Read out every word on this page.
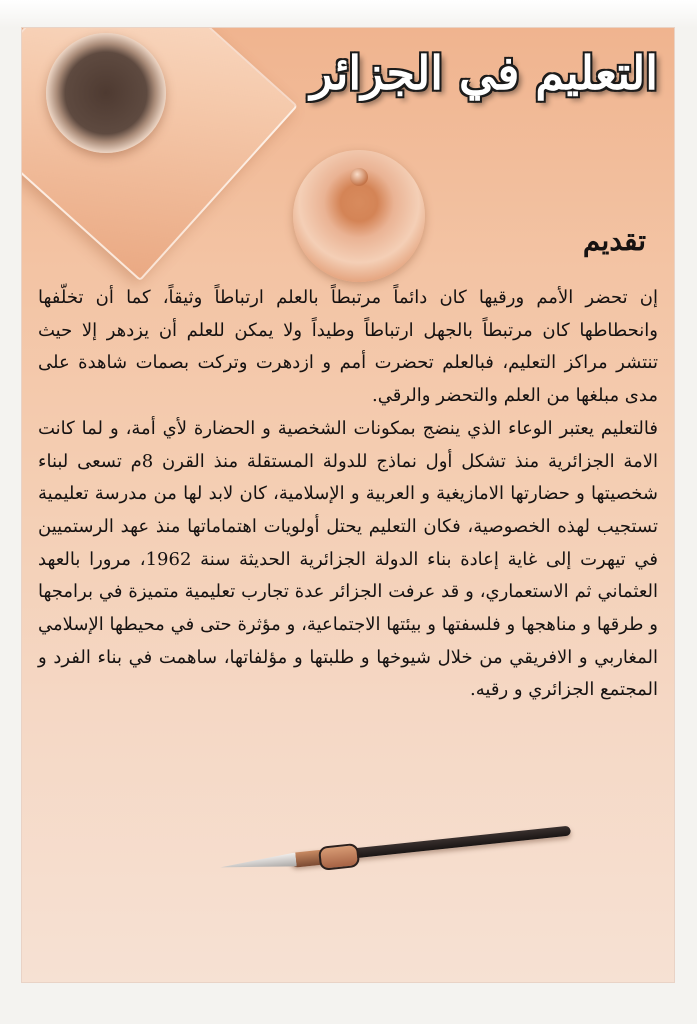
التعليم في الجزائر
تقديم

إن تحضر الأمم ورقيها كان دائماً مرتبطاً بالعلم ارتباطاً وثيقاً، كما أن تخلّفها وانحطاطها كان مرتبطاً بالجهل ارتباطاً وطيداً ولا يمكن للعلم أن يزدهر إلا حيث تنتشر مراكز التعليم، فبالعلم تحضرت أمم و ازدهرت وتركت بصمات شاهدة على مدى مبلغها من العلم والتحضر والرقي.

فالتعليم يعتبر الوعاء الذي ينضج بمكونات الشخصية و الحضارة لأي أمة، و لما كانت الامة الجزائرية منذ تشكل أول نماذج للدولة المستقلة منذ القرن 8م تسعى لبناء شخصيتها و حضارتها الامازيغية و العربية و الإسلامية، كان لابد لها من مدرسة تعليمية تستجيب لهذه الخصوصية، فكان التعليم يحتل أولويات اهتماماتها منذ عهد الرستميين في تيهرت إلى غاية إعادة بناء الدولة الجزائرية الحديثة سنة 1962، مرورا بالعهد العثماني ثم الاستعماري، و قد عرفت الجزائر عدة تجارب تعليمية متميزة في برامجها و طرقها و مناهجها و فلسفتها و بيئتها الاجتماعية، و مؤثرة حتى في محيطها الإسلامي المغاربي و الافريقي من خلال شيوخها و طلبتها و مؤلفاتها، ساهمت في بناء الفرد و المجتمع الجزائري و رقيه.
